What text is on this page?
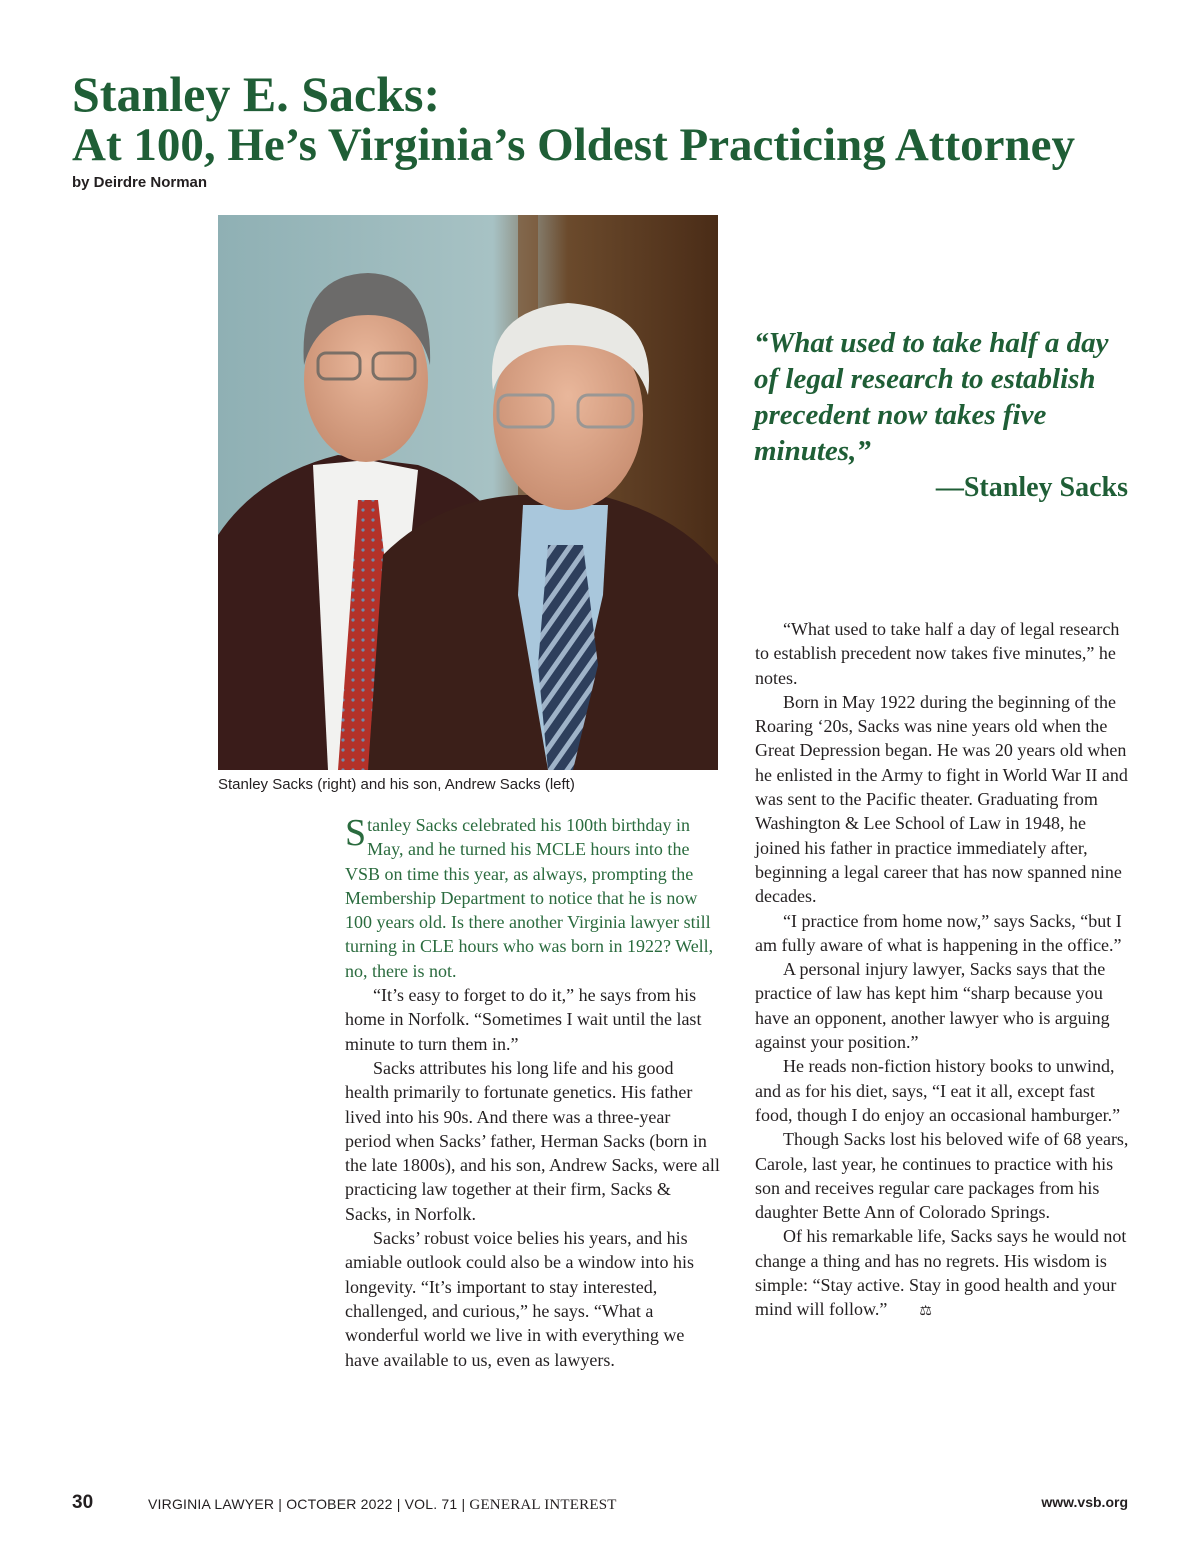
Stanley E. Sacks:
At 100, He’s Virginia’s Oldest Practicing Attorney
by Deirdre Norman
Stanley Sacks (right) and his son, Andrew Sacks (left)
“What used to take half a day of legal research to establish precedent now takes five minutes,”
—Stanley Sacks

Stanley Sacks celebrated his 100th birthday in May, and he turned his MCLE hours into the VSB on time this year, as always, prompting the Membership Department to notice that he is now 100 years old. Is there another Virginia lawyer still turning in CLE hours who was born in 1922? Well, no, there is not.

“It’s easy to forget to do it,” he says from his home in Norfolk. “Sometimes I wait until the last minute to turn them in.”

Sacks attributes his long life and his good health primarily to fortunate genetics. His father lived into his 90s. And there was a three-year period when Sacks’ father, Herman Sacks (born in the late 1800s), and his son, Andrew Sacks, were all practicing law together at their firm, Sacks & Sacks, in Norfolk.

Sacks’ robust voice belies his years, and his amiable outlook could also be a window into his longevity. “It’s important to stay interested, challenged, and curious,” he says. “What a wonderful world we live in with everything we have available to us, even as lawyers.

“What used to take half a day of legal research to establish precedent now takes five minutes,” he notes.

Born in May 1922 during the beginning of the Roaring ‘20s, Sacks was nine years old when the Great Depression began. He was 20 years old when he enlisted in the Army to fight in World War II and was sent to the Pacific theater. Graduating from Washington & Lee School of Law in 1948, he joined his father in practice immediately after, beginning a legal career that has now spanned nine decades.

“I practice from home now,” says Sacks, “but I am fully aware of what is happening in the office.”

A personal injury lawyer, Sacks says that the practice of law has kept him “sharp because you have an opponent, another lawyer who is arguing against your position.”

He reads non-fiction history books to unwind, and as for his diet, says, “I eat it all, except fast food, though I do enjoy an occasional hamburger.”

Though Sacks lost his beloved wife of 68 years, Carole, last year, he continues to practice with his son and receives regular care packages from his daughter Bette Ann of Colorado Springs.

Of his remarkable life, Sacks says he would not change a thing and has no regrets. His wisdom is simple: “Stay active. Stay in good health and your mind will follow.” ⚖

30	VIRGINIA LAWYER | OCTOBER 2022 | VOL. 71 | GENERAL INTEREST	www.vsb.org
